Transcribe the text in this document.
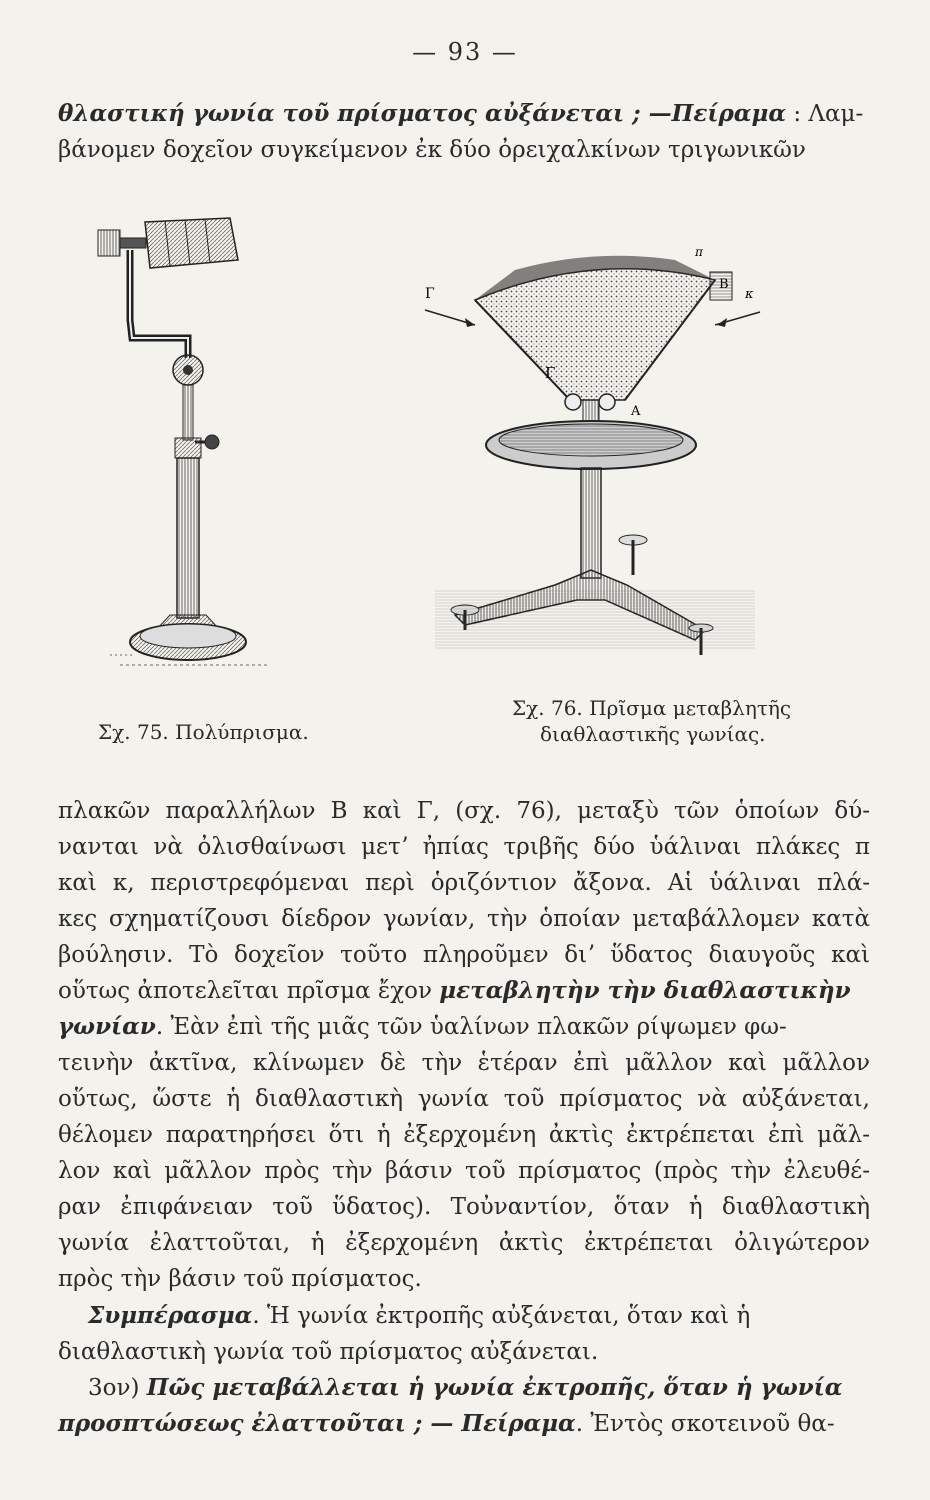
— 93 —
θλαστική γωνία τοῦ πρίσματος αὐξάνεται ; —Πείραμα : Λαμ-
βάνομεν δοχεῖον συγκείμενον ἐκ δύο ὀρειχαλκίνων τριγωνικῶν
Γ
π
Β
κ
Γ
Α
Σχ. 75. Πολύπρισμα.
Σχ. 76. Πρῖσμα μεταβλητῆς
διαθλαστικῆς γωνίας.
πλακῶν παραλλήλων Β καὶ Γ, (σχ. 76), μεταξὺ τῶν ὁποίων δύ-
νανται νὰ ὀλισθαίνωσι μετʼ ἠπίας τριβῆς δύο ὑάλιναι πλάκες π
καὶ κ, περιστρεφόμεναι περὶ ὁριζόντιον ἄξονα. Αἱ ὑάλιναι πλά-
κες σχηματίζουσι δίεδρον γωνίαν, τὴν ὁποίαν μεταβάλλομεν κατὰ
βούλησιν. Τὸ δοχεῖον τοῦτο πληροῦμεν διʼ ὕδατος διαυγοῦς καὶ
οὕτως ἀποτελεῖται πρῖσμα ἔχον μεταβλητὴν τὴν διαθλαστικὴν
γωνίαν. Ἐὰν ἐπὶ τῆς μιᾶς τῶν ὑαλίνων πλακῶν ρίψωμεν φω-
τεινὴν ἀκτῖνα, κλίνωμεν δὲ τὴν ἑτέραν ἐπὶ μᾶλλον καὶ μᾶλλον
οὕτως, ὥστε ἡ διαθλαστικὴ γωνία τοῦ πρίσματος νὰ αὐξάνεται,
θέλομεν παρατηρήσει ὅτι ἡ ἐξερχομένη ἀκτὶς ἐκτρέπεται ἐπὶ μᾶλ-
λον καὶ μᾶλλον πρὸς τὴν βάσιν τοῦ πρίσματος (πρὸς τὴν ἐλευθέ-
ραν ἐπιφάνειαν τοῦ ὕδατος). Τοὐναντίον, ὅταν ἡ διαθλαστικὴ
γωνία ἐλαττοῦται, ἡ ἐξερχομένη ἀκτὶς ἐκτρέπεται ὀλιγώτερον
πρὸς τὴν βάσιν τοῦ πρίσματος.
Συμπέρασμα. Ἡ γωνία ἐκτροπῆς αὐξάνεται, ὅταν καὶ ἡ
διαθλαστικὴ γωνία τοῦ πρίσματος αὐξάνεται.
3ον) Πῶς μεταβάλλεται ἡ γωνία ἐκτροπῆς, ὅταν ἡ γωνία
προσπτώσεως ἐλαττοῦται ; — Πείραμα. Ἐντὸς σκοτεινοῦ θα-
